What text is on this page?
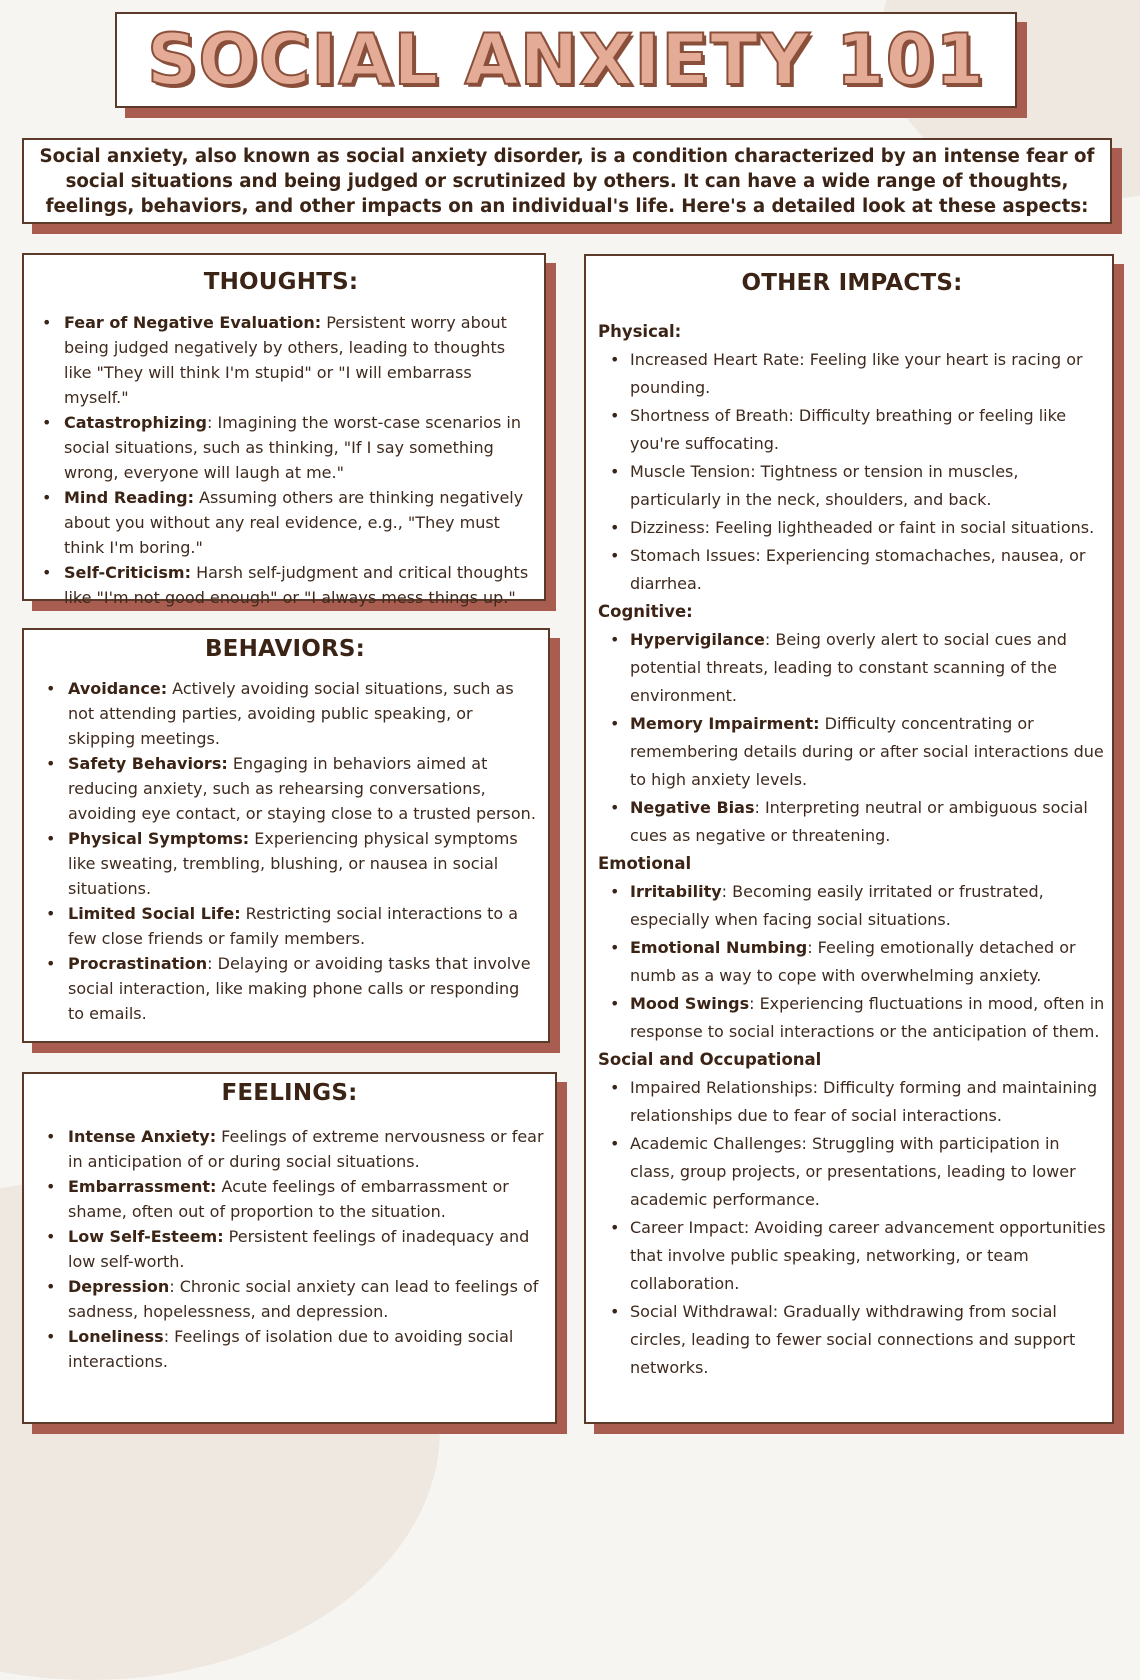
SOCIAL ANXIETY 101

Social anxiety, also known as social anxiety disorder, is a condition characterized by an intense fear of social situations and being judged or scrutinized by others. It can have a wide range of thoughts, feelings, behaviors, and other impacts on an individual's life. Here's a detailed look at these aspects:

THOUGHTS:
• Fear of Negative Evaluation: Persistent worry about being judged negatively by others, leading to thoughts like "They will think I'm stupid" or "I will embarrass myself."
• Catastrophizing: Imagining the worst-case scenarios in social situations, such as thinking, "If I say something wrong, everyone will laugh at me."
• Mind Reading: Assuming others are thinking negatively about you without any real evidence, e.g., "They must think I'm boring."
• Self-Criticism: Harsh self-judgment and critical thoughts like "I'm not good enough" or "I always mess things up."
BEHAVIORS:
• Avoidance: Actively avoiding social situations, such as not attending parties, avoiding public speaking, or skipping meetings.
• Safety Behaviors: Engaging in behaviors aimed at reducing anxiety, such as rehearsing conversations, avoiding eye contact, or staying close to a trusted person.
• Physical Symptoms: Experiencing physical symptoms like sweating, trembling, blushing, or nausea in social situations.
• Limited Social Life: Restricting social interactions to a few close friends or family members.
• Procrastination: Delaying or avoiding tasks that involve social interaction, like making phone calls or responding to emails.
FEELINGS:
• Intense Anxiety: Feelings of extreme nervousness or fear in anticipation of or during social situations.
• Embarrassment: Acute feelings of embarrassment or shame, often out of proportion to the situation.
• Low Self-Esteem: Persistent feelings of inadequacy and low self-worth.
• Depression: Chronic social anxiety can lead to feelings of sadness, hopelessness, and depression.
• Loneliness: Feelings of isolation due to avoiding social interactions.
OTHER IMPACTS:
Physical:
• Increased Heart Rate: Feeling like your heart is racing or pounding.
• Shortness of Breath: Difficulty breathing or feeling like you're suffocating.
• Muscle Tension: Tightness or tension in muscles, particularly in the neck, shoulders, and back.
• Dizziness: Feeling lightheaded or faint in social situations.
• Stomach Issues: Experiencing stomachaches, nausea, or diarrhea.
Cognitive:
• Hypervigilance: Being overly alert to social cues and potential threats, leading to constant scanning of the environment.
• Memory Impairment: Difficulty concentrating or remembering details during or after social interactions due to high anxiety levels.
• Negative Bias: Interpreting neutral or ambiguous social cues as negative or threatening.
Emotional
• Irritability: Becoming easily irritated or frustrated, especially when facing social situations.
• Emotional Numbing: Feeling emotionally detached or numb as a way to cope with overwhelming anxiety.
• Mood Swings: Experiencing fluctuations in mood, often in response to social interactions or the anticipation of them.
Social and Occupational
• Impaired Relationships: Difficulty forming and maintaining relationships due to fear of social interactions.
• Academic Challenges: Struggling with participation in class, group projects, or presentations, leading to lower academic performance.
• Career Impact: Avoiding career advancement opportunities that involve public speaking, networking, or team collaboration.
• Social Withdrawal: Gradually withdrawing from social circles, leading to fewer social connections and support networks.
